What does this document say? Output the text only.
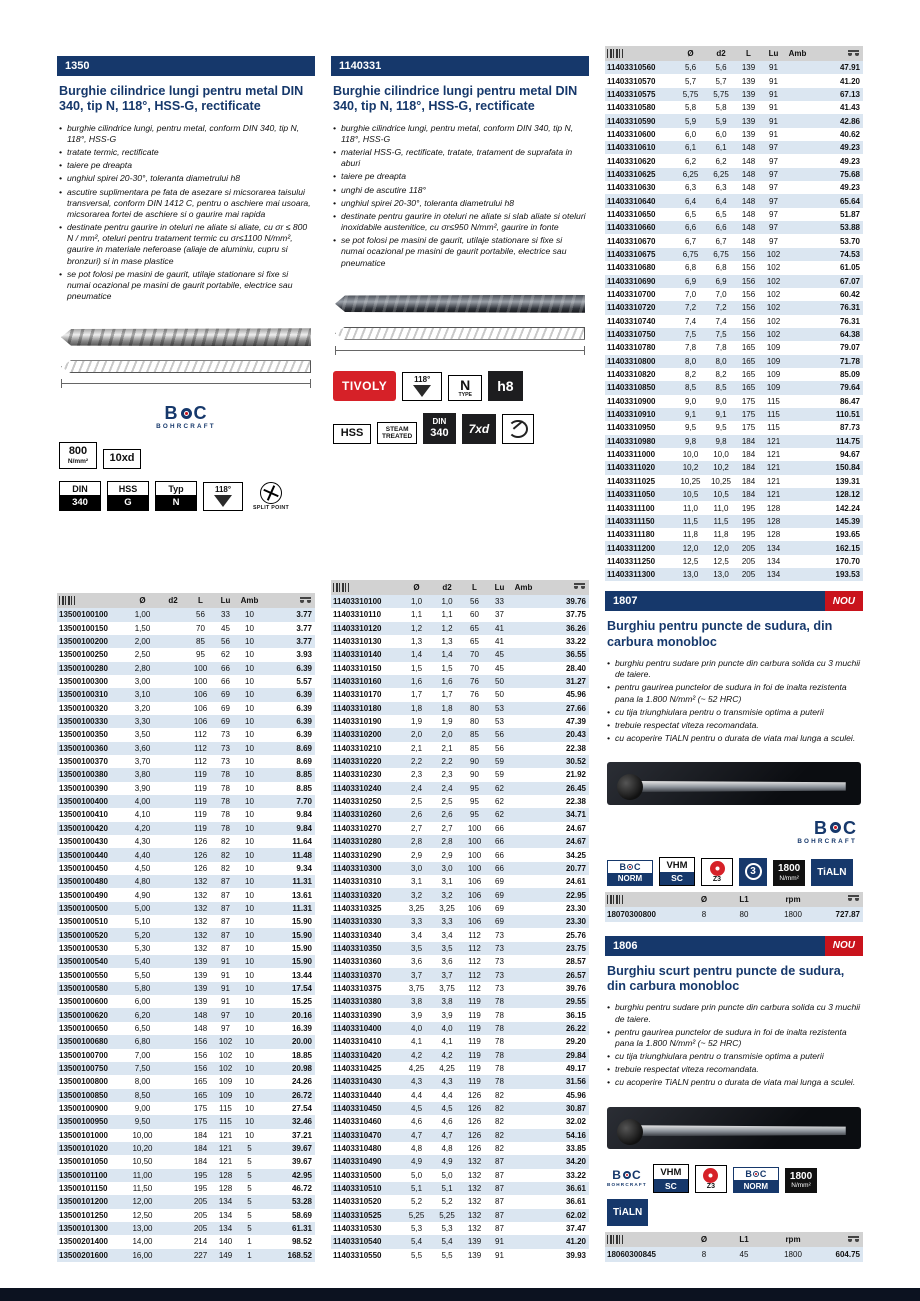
1350
Burghie cilindrice lungi pentru metal DIN 340, tip N, 118°, HSS-G, rectificate
• burghie cilindrice lungi, pentru metal, conform DIN 340, tip N, 118°, HSS-G
• tratate termic, rectificate
• taiere pe dreapta
• unghiul spirei 20-30°, toleranta diametrului h8
• ascutire suplimentara pe fata de asezare si micsorarea taisului transversal, conform DIN 1412 C, pentru o aschiere mai usoara, micsorarea fortei de aschiere si o gaurire mai rapida
• destinate pentru gaurire in oteluri ne aliate si aliate, cu σr ≤ 800 N / mm², oteluri pentru tratament termic cu σr≤1100 N/mm², gaurire in materiale neferoase (aliaje de aluminiu, cupru si bronzuri) si in mase plastice
• se pot folosi pe masini de gaurit, utilaje stationare si fixe si numai ocazional pe masini de gaurit portabile, electrice sau pneumatice
B C
BOHRCRAFT
800
N/mm²	10xd
DIN
340
HSS
G
Typ
N
118°
SPLIT POINT
Ø	d2	L	Lu	Amb
13500100100	1,00	56	33	10	3.77
13500100150	1,50	70	45	10	3.77
13500100200	2,00	85	56	10	3.77
13500100250	2,50	95	62	10	3.93
13500100280	2,80	100	66	10	6.39
13500100300	3,00	100	66	10	5.57
13500100310	3,10	106	69	10	6.39
13500100320	3,20	106	69	10	6.39
13500100330	3,30	106	69	10	6.39
13500100350	3,50	112	73	10	6.39
13500100360	3,60	112	73	10	8.69
13500100370	3,70	112	73	10	8.69
13500100380	3,80	119	78	10	8.85
13500100390	3,90	119	78	10	8.85
13500100400	4,00	119	78	10	7.70
13500100410	4,10	119	78	10	9.84
13500100420	4,20	119	78	10	9.84
13500100430	4,30	126	82	10	11.64
13500100440	4,40	126	82	10	11.48
13500100450	4,50	126	82	10	9.34
13500100480	4,80	132	87	10	11.31
13500100490	4,90	132	87	10	13.61
13500100500	5,00	132	87	10	11.31
13500100510	5,10	132	87	10	15.90
13500100520	5,20	132	87	10	15.90
13500100530	5,30	132	87	10	15.90
13500100540	5,40	139	91	10	15.90
13500100550	5,50	139	91	10	13.44
13500100580	5,80	139	91	10	17.54
13500100600	6,00	139	91	10	15.25
13500100620	6,20	148	97	10	20.16
13500100650	6,50	148	97	10	16.39
13500100680	6,80	156	102	10	20.00
13500100700	7,00	156	102	10	18.85
13500100750	7,50	156	102	10	20.98
13500100800	8,00	165	109	10	24.26
13500100850	8,50	165	109	10	26.72
13500100900	9,00	175	115	10	27.54
13500100950	9,50	175	115	10	32.46
13500101000	10,00	184	121	10	37.21
13500101020	10,20	184	121	5	39.67
13500101050	10,50	184	121	5	39.67
13500101100	11,00	195	128	5	42.95
13500101150	11,50	195	128	5	46.72
13500101200	12,00	205	134	5	53.28
13500101250	12,50	205	134	5	58.69
13500101300	13,00	205	134	5	61.31
13500201400	14,00	214	140	1	98.52
13500201600	16,00	227	149	1	168.52
1140331
Burghie cilindrice lungi pentru metal DIN 340, tip N, 118°, HSS-G, rectificate
• burghie cilindrice lungi, pentru metal, conform DIN 340, tip N, 118°, HSS-G
• material HSS-G, rectificate, tratate, tratament de suprafata in aburi
• taiere pe dreapta
• unghi de ascutire 118°
• unghiul spirei 20-30°, toleranta diametrului h8
• destinate pentru gaurire in oteluri ne aliate si slab aliate si oteluri inoxidabile austenitice, cu σr≤950 N/mm², gaurire in fonte
• se pot folosi pe masini de gaurit, utilaje stationare si fixe si numai ocazional pe masini de gaurit portabile, electrice sau pneumatice
TIVOLY	118°	N
TYPE
h8
HSS	STEAM
TREATED
DIN
340	7xd
Ø	d2	L	Lu	Amb
11403310100	1,0	1,0	56	33	39.76
11403310110	1,1	1,1	60	37	37.75
11403310120	1,2	1,2	65	41	36.26
11403310130	1,3	1,3	65	41	33.22
11403310140	1,4	1,4	70	45	36.55
11403310150	1,5	1,5	70	45	28.40
11403310160	1,6	1,6	76	50	31.27
11403310170	1,7	1,7	76	50	45.96
11403310180	1,8	1,8	80	53	27.66
11403310190	1,9	1,9	80	53	47.39
11403310200	2,0	2,0	85	56	20.43
11403310210	2,1	2,1	85	56	22.38
11403310220	2,2	2,2	90	59	30.52
11403310230	2,3	2,3	90	59	21.92
11403310240	2,4	2,4	95	62	26.45
11403310250	2,5	2,5	95	62	22.38
11403310260	2,6	2,6	95	62	34.71
11403310270	2,7	2,7	100	66	24.67
11403310280	2,8	2,8	100	66	24.67
11403310290	2,9	2,9	100	66	34.25
11403310300	3,0	3,0	100	66	20.77
11403310310	3,1	3,1	106	69	24.61
11403310320	3,2	3,2	106	69	22.95
11403310325	3,25	3,25	106	69	23.30
11403310330	3,3	3,3	106	69	23.30
11403310340	3,4	3,4	112	73	25.76
11403310350	3,5	3,5	112	73	23.75
11403310360	3,6	3,6	112	73	28.57
11403310370	3,7	3,7	112	73	26.57
11403310375	3,75	3,75	112	73	39.76
11403310380	3,8	3,8	119	78	29.55
11403310390	3,9	3,9	119	78	36.15
11403310400	4,0	4,0	119	78	26.22
11403310410	4,1	4,1	119	78	29.20
11403310420	4,2	4,2	119	78	29.84
11403310425	4,25	4,25	119	78	49.17
11403310430	4,3	4,3	119	78	31.56
11403310440	4,4	4,4	126	82	45.96
11403310450	4,5	4,5	126	82	30.87
11403310460	4,6	4,6	126	82	32.02
11403310470	4,7	4,7	126	82	54.16
11403310480	4,8	4,8	126	82	33.85
11403310490	4,9	4,9	132	87	34.20
11403310500	5,0	5,0	132	87	33.22
11403310510	5,1	5,1	132	87	36.61
11403310520	5,2	5,2	132	87	36.61
11403310525	5,25	5,25	132	87	62.02
11403310530	5,3	5,3	132	87	37.47
11403310540	5,4	5,4	139	91	41.20
11403310550	5,5	5,5	139	91	39.93
Ø	d2	L	Lu	Amb
11403310560	5,6	5,6	139	91	47.91
11403310570	5,7	5,7	139	91	41.20
11403310575	5,75	5,75	139	91	67.13
11403310580	5,8	5,8	139	91	41.43
11403310590	5,9	5,9	139	91	42.86
11403310600	6,0	6,0	139	91	40.62
11403310610	6,1	6,1	148	97	49.23
11403310620	6,2	6,2	148	97	49.23
11403310625	6,25	6,25	148	97	75.68
11403310630	6,3	6,3	148	97	49.23
11403310640	6,4	6,4	148	97	65.64
11403310650	6,5	6,5	148	97	51.87
11403310660	6,6	6,6	148	97	53.88
11403310670	6,7	6,7	148	97	53.70
11403310675	6,75	6,75	156	102	74.53
11403310680	6,8	6,8	156	102	61.05
11403310690	6,9	6,9	156	102	67.07
11403310700	7,0	7,0	156	102	60.42
11403310720	7,2	7,2	156	102	76.31
11403310740	7,4	7,4	156	102	76.31
11403310750	7,5	7,5	156	102	64.38
11403310780	7,8	7,8	165	109	79.07
11403310800	8,0	8,0	165	109	71.78
11403310820	8,2	8,2	165	109	85.09
11403310850	8,5	8,5	165	109	79.64
11403310900	9,0	9,0	175	115	86.47
11403310910	9,1	9,1	175	115	110.51
11403310950	9,5	9,5	175	115	87.73
11403310980	9,8	9,8	184	121	114.75
11403311000	10,0	10,0	184	121	94.67
11403311020	10,2	10,2	184	121	150.84
11403311025	10,25	10,25	184	121	139.31
11403311050	10,5	10,5	184	121	128.12
11403311100	11,0	11,0	195	128	142.24
11403311150	11,5	11,5	195	128	145.39
11403311180	11,8	11,8	195	128	193.65
11403311200	12,0	12,0	205	134	162.15
11403311250	12,5	12,5	205	134	170.70
11403311300	13,0	13,0	205	134	193.53
1807	NOU
Burghiu pentru puncte de sudura, din carbura monobloc
• burghiu pentru sudare prin puncte din carbura solida cu 3 muchii de taiere.
• pentru gaurirea punctelor de sudura in foi de inalta rezistenta pana la 1.800 N/mm² (~ 52 HRC)
• cu tija triunghiulara pentru o transmisie optima a puterii
• trebuie respectat viteza recomandata.
• cu acoperire TiALN pentru o durata de viata mai lunga a sculei.
B C
BOHRCRAFT
B C
NORM
VHM
SC	Z3
3	1800
N/mm²
TiALN
Ø	L1	rpm
18070300800	8	80	1800	727.87
1806	NOU
Burghiu scurt pentru puncte de sudura, din carbura monobloc
• burghiu pentru sudare prin puncte din carbura solida cu 3 muchii de taiere.
• pentru gaurirea punctelor de sudura in foi de inalta rezistenta pana la 1.800 N/mm² (~ 52 HRC)
• cu tija triunghiulara pentru o transmisie optima a puterii
• trebuie respectat viteza recomandata.
• cu acoperire TiALN pentru o durata de viata mai lunga a sculei.
B C
BOHRCRAFT
VHM
SC	Z3
B C
NORM
1800
N/mm²
TiALN
Ø	L1	rpm
18060300845	8	45	1800	604.75
